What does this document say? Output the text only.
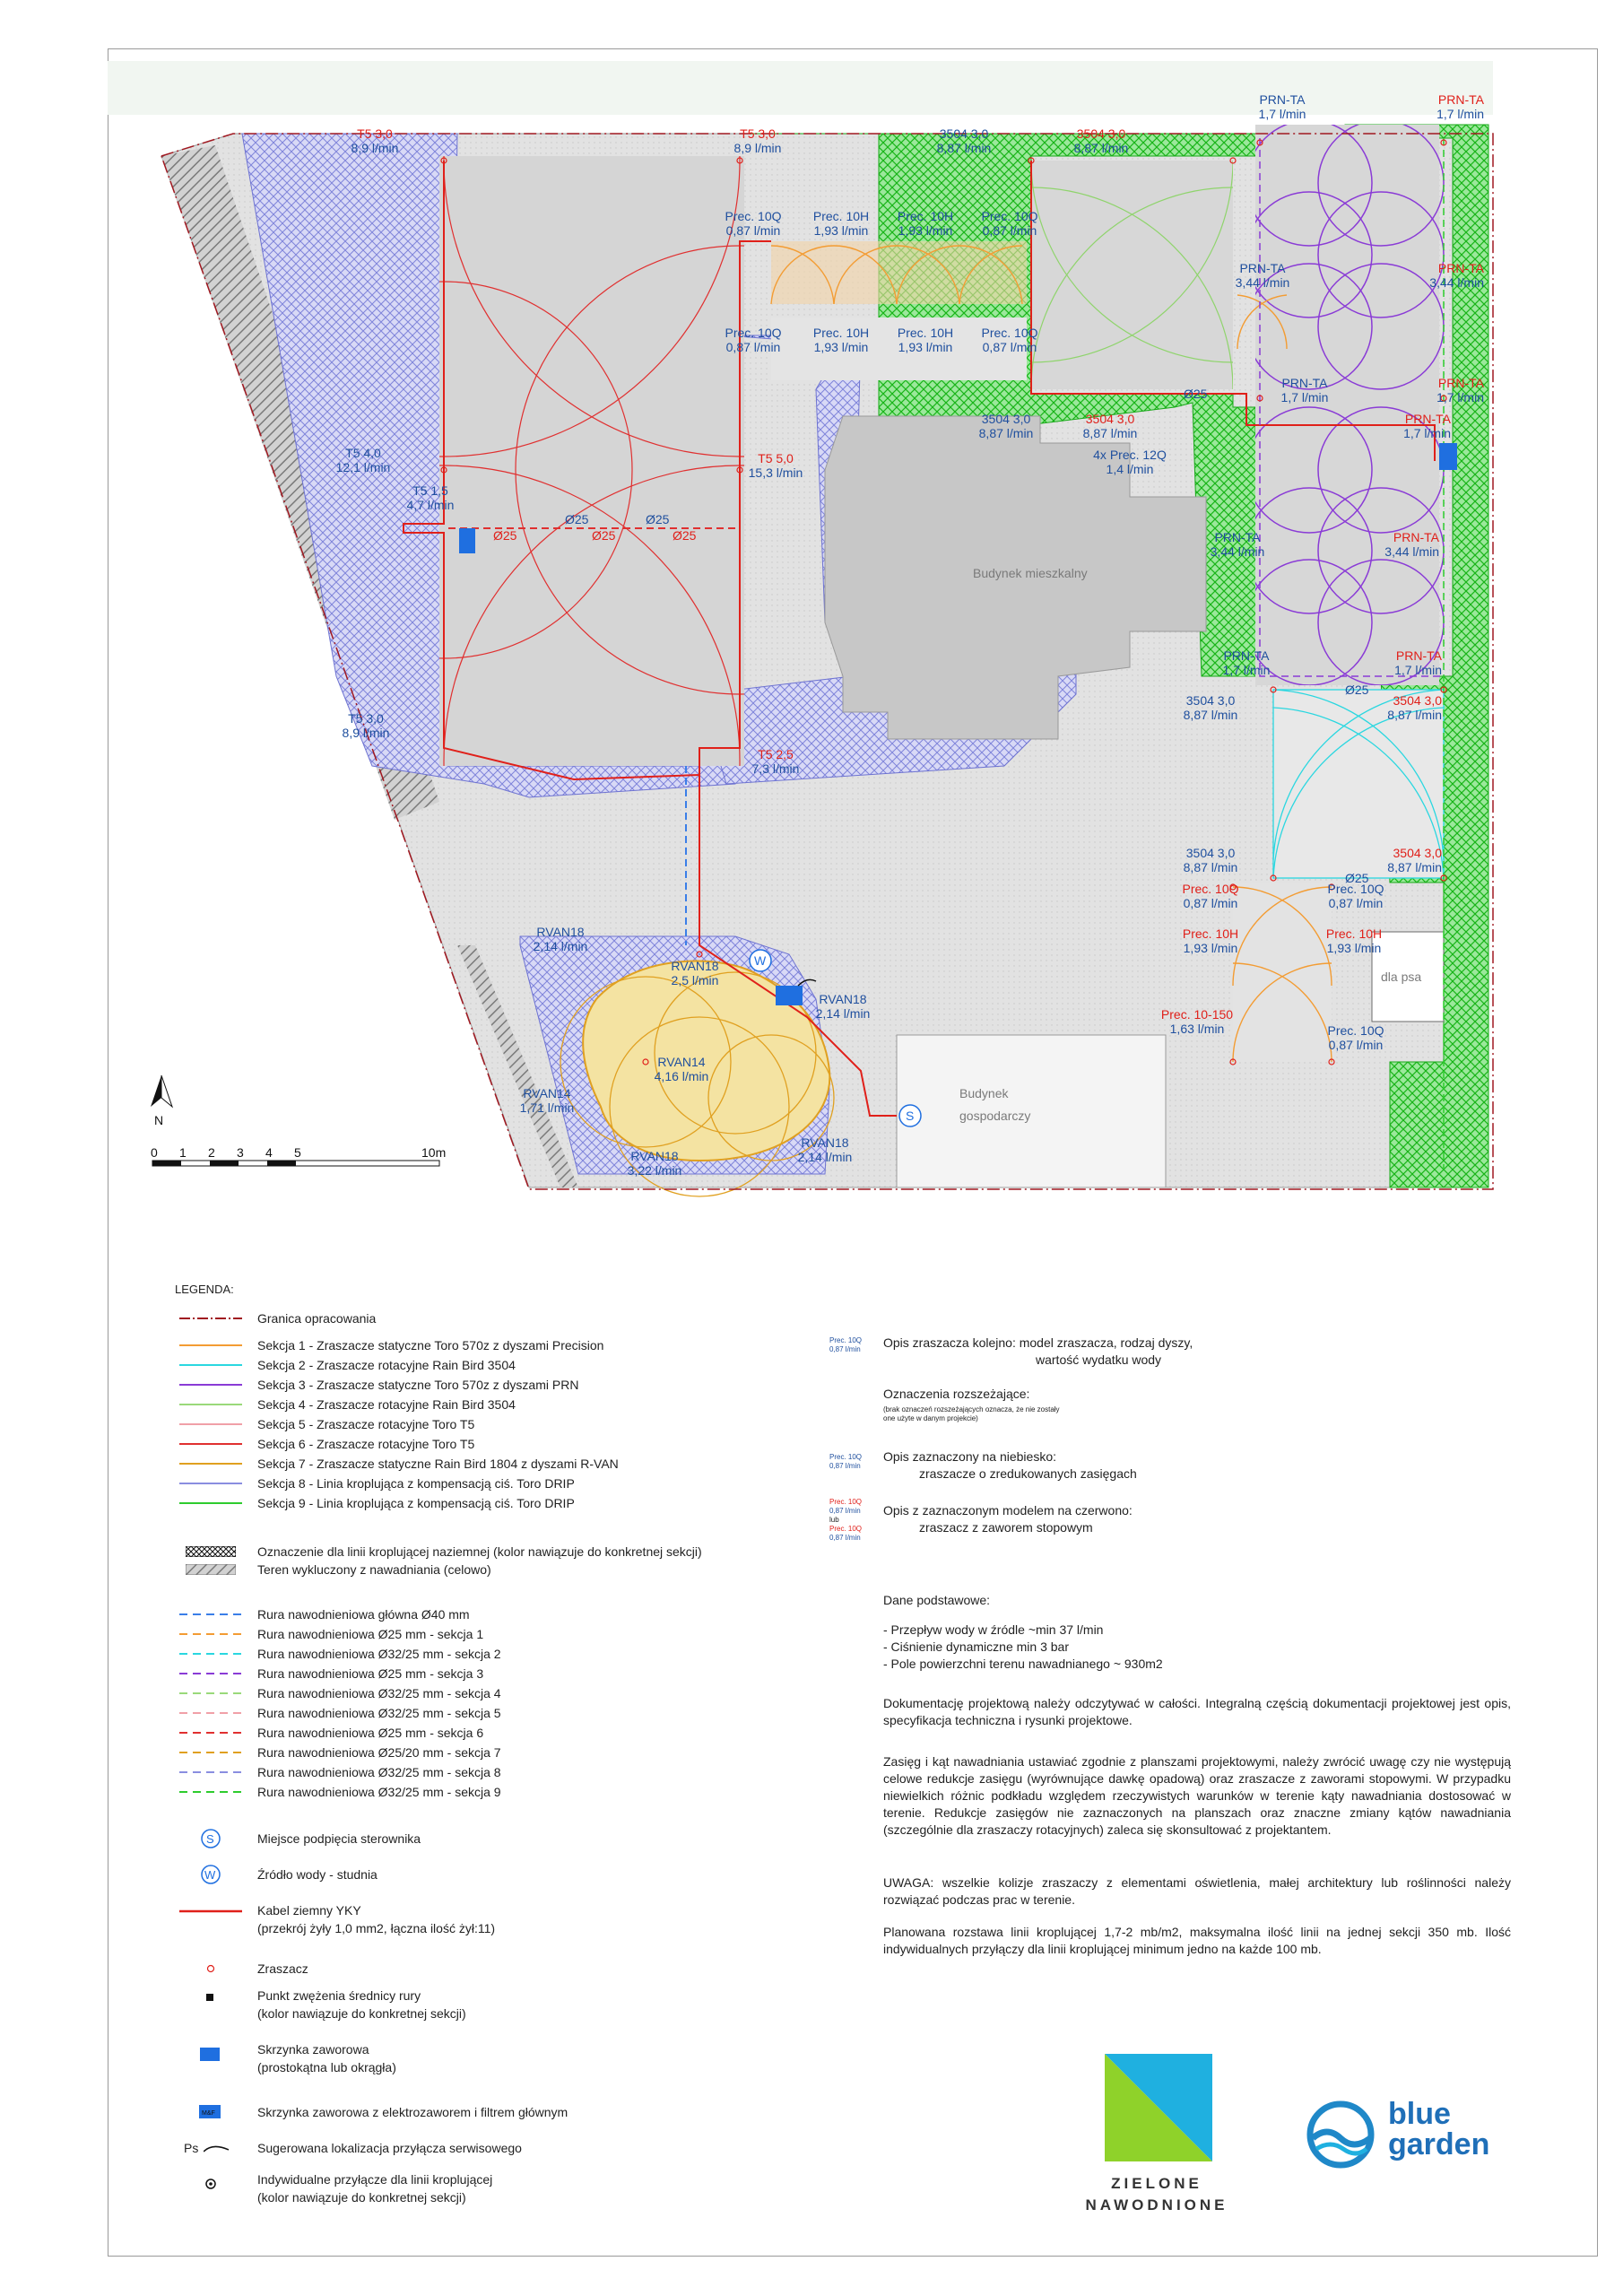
Budynek mieszkalny
Budynek
gospodarczy
dla psa
Ø25	Ø25	Ø25
Ø25	Ø25
Ø25
Ø25
Ø25
W
S
N
0 1 2 3 4 5	10m
T5 3,0
8,9 l/min
T5 3,0
8,9 l/min
3504 3,0
8,87 l/min
3504 3,0
8,87 l/min
PRN-TA
1,7 l/min
PRN-TA
1,7 l/min
Prec. 10Q
0,87 l/min
Prec. 10H
1,93 l/min
Prec. 10H
1,93 l/min
Prec. 10Q
0,87 l/min
PRN-TA
3,44 l/min
PRN-TA
3,44 l/min
Prec. 10Q
0,87 l/min
Prec. 10H
1,93 l/min
Prec. 10H
1,93 l/min
Prec. 10Q
0,87 l/min
PRN-TA
1,7 l/min
PRN-TA
1,7 l/min
3504 3,0
8,87 l/min
3504 3,0
8,87 l/min
PRN-TA
1,7 l/min
4x Prec. 12Q
1,4 l/min
T5 4,0
12,1 l/min
T5 5,0
15,3 l/min
T5 1,5
4,7 l/min
PRN-TA
3,44 l/min
PRN-TA
3,44 l/min
PRN-TA
1,7 l/min
PRN-TA
1,7 l/min
3504 3,0
8,87 l/min
3504 3,0
8,87 l/min
T5 3,0
8,9 l/min
T5 2,5
7,3 l/min
3504 3,0
8,87 l/min
3504 3,0
8,87 l/min
Prec. 10Q
0,87 l/min
Prec. 10Q
0,87 l/min
Prec. 10H
1,93 l/min
Prec. 10H
1,93 l/min
Prec. 10-150
1,63 l/min	Prec. 10Q
0,87 l/min
RVAN18
2,14 l/min
RVAN18
2,5 l/min
RVAN18
2,14 l/min
RVAN14
4,16 l/min
RVAN14
1,71 l/min
RVAN18
2,14 l/min
RVAN18
3,22 l/min
LEGENDA:
Granica opracowania
Sekcja 1 - Zraszacze statyczne Toro 570z z dyszami Precision
Sekcja 2 - Zraszacze rotacyjne Rain Bird 3504
Sekcja 3 - Zraszacze statyczne Toro 570z z dyszami PRN
Sekcja 4 - Zraszacze rotacyjne Rain Bird 3504
Sekcja 5 - Zraszacze rotacyjne Toro T5
Sekcja 6 - Zraszacze rotacyjne Toro T5
Sekcja 7 - Zraszacze statyczne Rain Bird 1804 z dyszami R-VAN
Sekcja 8 - Linia kroplująca z kompensacją ciś. Toro DRIP
Sekcja 9 - Linia kroplująca z kompensacją ciś. Toro DRIP
Oznaczenie dla linii kroplującej naziemnej (kolor nawiązuje do konkretnej sekcji)
Teren wykluczony z nawadniania (celowo)
Rura nawodnieniowa główna Ø40 mm
Rura nawodnieniowa Ø25 mm - sekcja 1
Rura nawodnieniowa Ø32/25 mm - sekcja 2
Rura nawodnieniowa Ø25 mm - sekcja 3
Rura nawodnieniowa Ø32/25 mm - sekcja 4
Rura nawodnieniowa Ø32/25 mm - sekcja 5
Rura nawodnieniowa Ø25 mm - sekcja 6
Rura nawodnieniowa Ø25/20 mm - sekcja 7
Rura nawodnieniowa Ø32/25 mm - sekcja 8
Rura nawodnieniowa Ø32/25 mm - sekcja 9
S	Miejsce podpięcia sterownika
W	Źródło wody - studnia
Kabel ziemny YKY
(przekrój żyły 1,0 mm2, łączna ilość żył:11)
Zraszacz
Punkt zwężenia średnicy rury
(kolor nawiązuje do konkretnej sekcji)
Skrzynka zaworowa
(prostokątna lub okrągła)
M&F	Skrzynka zaworowa z elektrozaworem i filtrem głównym
Ps	Sugerowana lokalizacja przyłącza serwisowego
Indywidualne przyłącze dla linii kroplującej
(kolor nawiązuje do konkretnej sekcji)
Prec. 10Q
0,87 l/min Opis zraszacza kolejno: model zraszacza, rodzaj dyszy,
wartość wydatku wody
Oznaczenia rozszeżające:
(brak oznaczeń rozszeżających oznacza, że nie zostały
one użyte w danym projekcie)
Prec. 10Q
0,87 l/min
Opis zaznaczony na niebiesko:
zraszacze o zredukowanych zasięgach
Prec. 10Q
0,87 l/min
lub
Prec. 10Q
0,87 l/min
Opis z zaznaczonym modelem na czerwono:
zraszacz z zaworem stopowym
Dane podstawowe:
- Przepływ wody w źródle ~min 37 l/min
- Ciśnienie dynamiczne min 3 bar
- Pole powierzchni terenu nawadnianego ~ 930m2
Dokumentację projektową należy odczytywać w całości. Integralną częścią dokumentacji projektowej jest opis, specyfikacja techniczna i rysunki projektowe.
Zasięg i kąt nawadniania ustawiać zgodnie z planszami projektowymi, należy zwrócić uwagę czy nie występują celowe redukcje zasięgu (wyrównujące dawkę opadową) oraz zraszacze z zaworami stopowymi. W przypadku niewielkich różnic podkładu względem rzeczywistych warunków w terenie kąty nawadniania dostosować w terenie. Redukcje zasięgów nie zaznaczonych na planszach oraz znaczne zmiany kątów nawadniania (szczególnie dla zraszaczy rotacyjnych) zaleca się skonsultować z projektantem.
UWAGA: wszelkie kolizje zraszaczy z elementami oświetlenia, małej architektury lub roślinności należy rozwiązać podczas prac w terenie.
Planowana rozstawa linii kroplującej 1,7-2 mb/m2, maksymalna ilość linii na jednej sekcji 350 mb. Ilość indywidualnych przyłączy dla linii kroplującej minimum jedno na każde 100 mb.
ZIELONE
NAWODNIONE
blue
garden
